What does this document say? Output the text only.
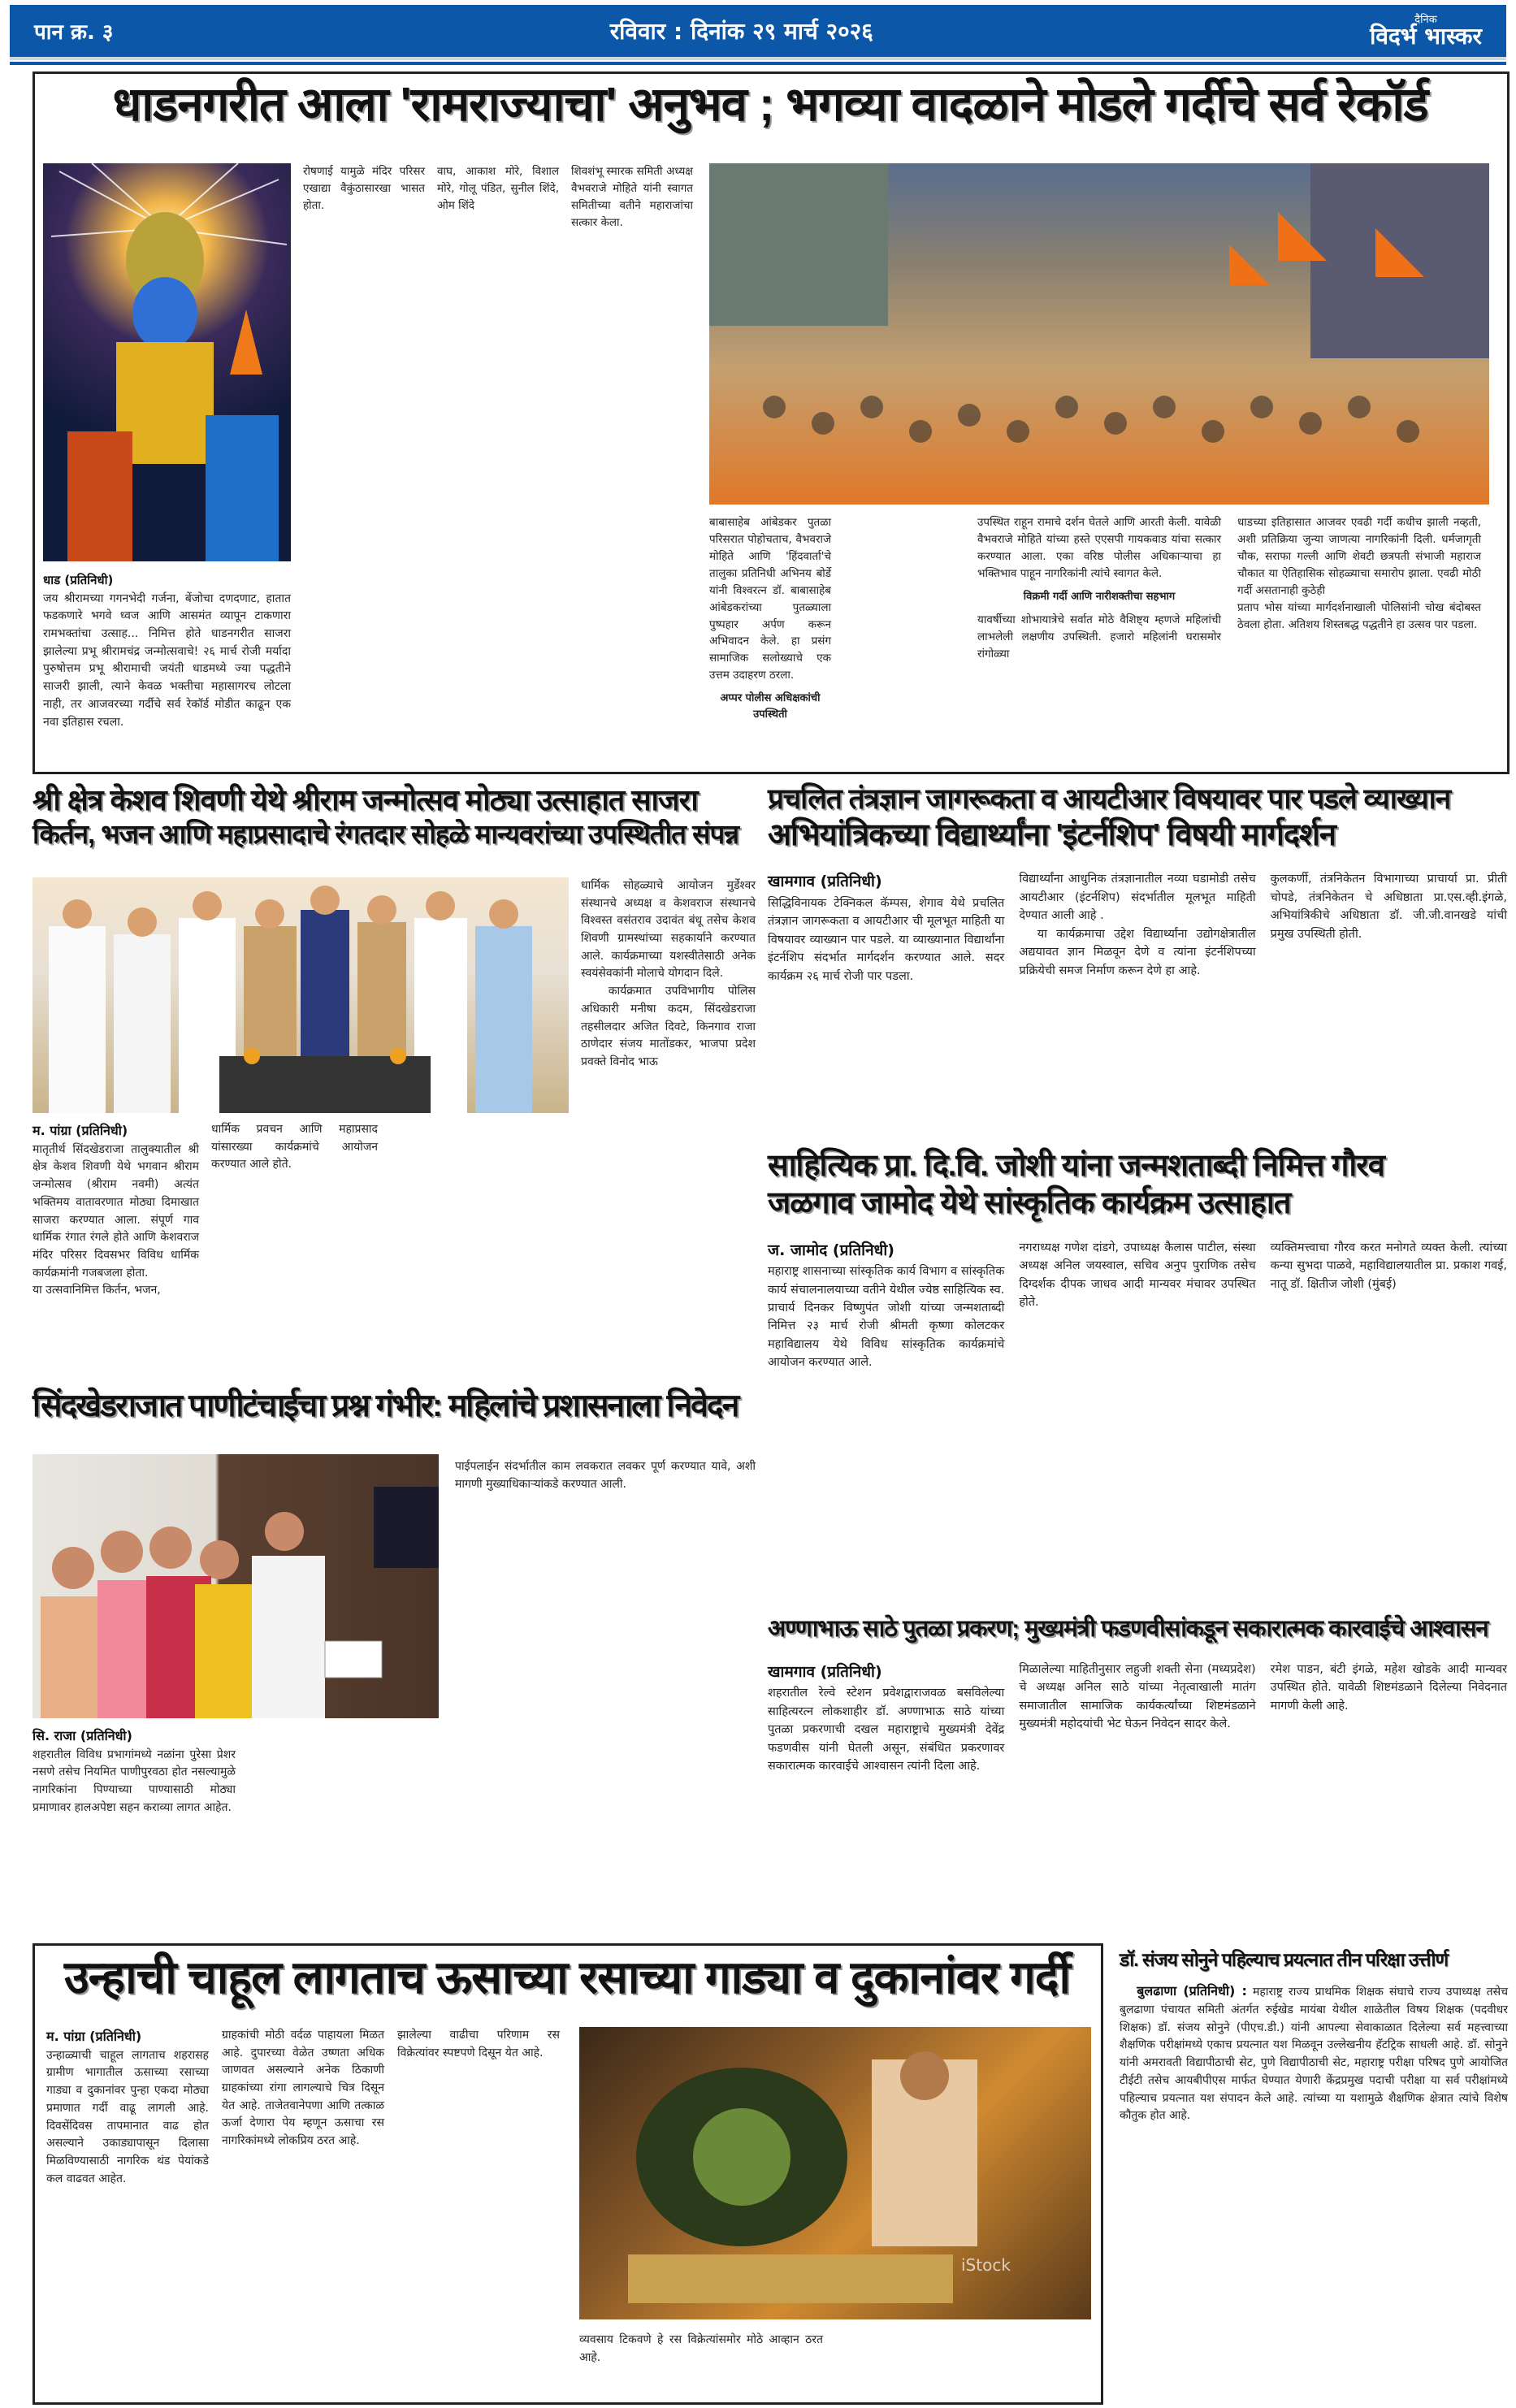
पान क्र. ३	रविवार : दिनांक २९ मार्च २०२६	दैनिक
विदर्भ भास्कर
धाडनगरीत आला 'रामराज्याचा' अनुभव ; भगव्या वादळाने मोडले गर्दीचे सर्व रेकॉर्ड
धाड (प्रतिनिधी)
जय श्रीरामच्या गगनभेदी गर्जना, बेंजोचा दणदणाट, हातात फडकणारे भगवे ध्वज आणि आसमंत व्यापून टाकणारा रामभक्तांचा उत्साह... निमित्त होते धाडनगरीत साजरा झालेल्या प्रभू श्रीरामचंद्र जन्मोत्सवाचे! २६ मार्च रोजी मर्यादा पुरुषोत्तम प्रभू श्रीरामाची जयंती धाडमध्ये ज्या पद्धतीने साजरी झाली, त्याने केवळ भक्तीचा महासागरच लोटला नाही, तर आजवरच्या गर्दीचे सर्व रेकॉर्ड मोडीत काढून एक नवा इतिहास रचला.
रोषणाई यामुळे मंदिर परिसर एखाद्या वैकुंठासारखा भासत होता.
वाघ, आकाश मोरे, विशाल मोरे, गोलू पंडित, सुनील शिंदे, ओम शिंदे
शिवशंभू स्मारक समिती अध्यक्ष वैभवराजे मोहिते यांनी स्वागत समितीच्या वतीने महाराजांचा सत्कार केला.
बाबासाहेब आंबेडकर पुतळा परिसरात पोहोचताच, वैभवराजे मोहिते आणि 'हिंदवार्ता'चे तालुका प्रतिनिधी अभिनय बोर्डे यांनी विश्वरत्न डॉ. बाबासाहेब आंबेडकरांच्या पुतळ्याला पुष्पहार अर्पण करून अभिवादन केले. हा प्रसंग सामाजिक सलोख्याचे एक उत्तम उदाहरण ठरला.
अप्पर पोलीस अधिक्षकांची उपस्थिती
उपस्थित राहून रामाचे दर्शन घेतले आणि आरती केली. यावेळी वैभवराजे मोहिते यांच्या हस्ते एएसपी गायकवाड यांचा सत्कार करण्यात आला. एका वरिष्ठ पोलीस अधिकाऱ्याचा हा भक्तिभाव पाहून नागरिकांनी त्यांचे स्वागत केले.
विक्रमी गर्दी आणि नारीशक्तीचा सहभाग
यावर्षीच्या शोभायात्रेचे सर्वात मोठे वैशिष्ट्य म्हणजे महिलांची लाभलेली लक्षणीय उपस्थिती. हजारो महिलांनी घरासमोर रांगोळ्या
धाडच्या इतिहासात आजवर एवढी गर्दी कधीच झाली नव्हती, अशी प्रतिक्रिया जुन्या जाणत्या नागरिकांनी दिली. धर्मजागृती चौक, सराफा गल्ली आणि शेवटी छत्रपती संभाजी महाराज चौकात या ऐतिहासिक सोहळ्याचा समारोप झाला. एवढी मोठी गर्दी असतानाही कुठेही
प्रताप भोस यांच्या मार्गदर्शनाखाली पोलिसांनी चोख बंदोबस्त ठेवला होता. अतिशय शिस्तबद्ध पद्धतीने हा उत्सव पार पडला.
श्री क्षेत्र केशव शिवणी येथे श्रीराम जन्मोत्सव मोठ्या उत्साहात साजरा
किर्तन, भजन आणि महाप्रसादाचे रंगतदार सोहळे मान्यवरांच्या उपस्थितीत संपन्न
धार्मिक सोहळ्याचे आयोजन मुर्डेश्वर संस्थानचे अध्यक्ष व केशवराज संस्थानचे विश्वस्त वसंतराव उदावंत बंधू तसेच केशव शिवणी ग्रामस्थांच्या सहकार्याने करण्यात आले. कार्यक्रमाच्या यशस्वीतेसाठी अनेक स्वयंसेवकांनी मोलाचे योगदान दिले.
कार्यक्रमात उपविभागीय पोलिस अधिकारी मनीषा कदम, सिंदखेडराजा तहसीलदार अजित दिवटे, किनगाव राजा ठाणेदार संजय मातोंडकर, भाजपा प्रदेश प्रवक्ते विनोद भाऊ
म. पांग्रा (प्रतिनिधी)
मातृतीर्थ सिंदखेडराजा तालुक्यातील श्री क्षेत्र केशव शिवणी येथे भगवान श्रीराम जन्मोत्सव (श्रीराम नवमी) अत्यंत भक्तिमय वातावरणात मोठ्या दिमाखात साजरा करण्यात आला. संपूर्ण गाव धार्मिक रंगात रंगले होते आणि केशवराज मंदिर परिसर दिवसभर विविध धार्मिक कार्यक्रमांनी गजबजला होता.
या उत्सवानिमित्त किर्तन, भजन,
धार्मिक प्रवचन आणि महाप्रसाद यांसारख्या कार्यक्रमांचे आयोजन करण्यात आले होते.
प्रचलित तंत्रज्ञान जागरूकता व आयटीआर विषयावर पार पडले व्याख्यान
अभियांत्रिकच्या विद्यार्थ्यांना 'इंटर्नशिप' विषयी मार्गदर्शन
खामगाव (प्रतिनिधी)
सिद्धिविनायक टेक्निकल कॅम्पस, शेगाव येथे प्रचलित तंत्रज्ञान जागरूकता व आयटीआर ची मूलभूत माहिती या विषयावर व्याख्यान पार पडले. या व्याख्यानात विद्यार्थांना इंटर्नशिप संदर्भात मार्गदर्शन करण्यात आले. सदर कार्यक्रम २६ मार्च रोजी पार पडला.
विद्यार्थ्यांना आधुनिक तंत्रज्ञानातील नव्या घडामोडी तसेच आयटीआर (इंटर्नशिप) संदर्भातील मूलभूत माहिती देण्यात आली आहे .
या कार्यक्रमाचा उद्देश विद्यार्थ्यांना उद्योगक्षेत्रातील अद्ययावत ज्ञान मिळवून देणे व त्यांना इंटर्नशिपच्या प्रक्रियेची समज निर्माण करून देणे हा आहे.
कुलकर्णी, तंत्रनिकेतन विभागाच्या प्राचार्या प्रा. प्रीती चोपडे, तंत्रनिकेतन चे अधिष्ठाता प्रा.एस.व्ही.इंगळे, अभियांत्रिकीचे अधिष्ठाता डॉ. जी.जी.वानखडे यांची प्रमुख उपस्थिती होती.
साहित्यिक प्रा. दि.वि. जोशी यांना जन्मशताब्दी निमित्त गौरव
जळगाव जामोद येथे सांस्कृतिक कार्यक्रम उत्साहात
ज. जामोद (प्रतिनिधी)
महाराष्ट्र शासनाच्या सांस्कृतिक कार्य विभाग व सांस्कृतिक कार्य संचालनालयाच्या वतीने येथील ज्येष्ठ साहित्यिक स्व. प्राचार्य दिनकर विष्णुपंत जोशी यांच्या जन्मशताब्दी निमित्त २३ मार्च रोजी श्रीमती कृष्णा कोलटकर महाविद्यालय येथे विविध सांस्कृतिक कार्यक्रमांचे आयोजन करण्यात आले.
नगराध्यक्ष गणेश दांडगे, उपाध्यक्ष कैलास पाटील, संस्था अध्यक्ष अनिल जयस्वाल, सचिव अनुप पुराणिक तसेच दिग्दर्शक दीपक जाधव आदी मान्यवर मंचावर उपस्थित होते.
व्यक्तिमत्त्वाचा गौरव करत मनोगते व्यक्त केली. त्यांच्या कन्या सुभदा पाळवे, महाविद्यालयातील प्रा. प्रकाश गवई, नातू डॉ. क्षितीज जोशी (मुंबई)
सिंदखेडराजात पाणीटंचाईचा प्रश्न गंभीर: महिलांचे प्रशासनाला निवेदन
पाईपलाईन संदर्भातील काम लवकरात लवकर पूर्ण करण्यात यावे, अशी मागणी मुख्याधिकाऱ्यांकडे करण्यात आली.
सि. राजा (प्रतिनिधी)
शहरातील विविध प्रभागांमध्ये नळांना पुरेसा प्रेशर नसणे तसेच नियमित पाणीपुरवठा होत नसल्यामुळे नागरिकांना पिण्याच्या पाण्यासाठी मोठ्या प्रमाणावर हालअपेष्टा सहन कराव्या लागत आहेत.
अण्णाभाऊ साठे पुतळा प्रकरण; मुख्यमंत्री फडणवीसांकडून सकारात्मक कारवाईचे आश्वासन
खामगाव (प्रतिनिधी)
शहरातील रेल्वे स्टेशन प्रवेशद्वाराजवळ बसविलेल्या साहित्यरत्न लोकशाहीर डॉ. अण्णाभाऊ साठे यांच्या पुतळा प्रकरणाची दखल महाराष्ट्राचे मुख्यमंत्री देवेंद्र फडणवीस यांनी घेतली असून, संबंधित प्रकरणावर सकारात्मक कारवाईचे आश्वासन त्यांनी दिला आहे.
मिळालेल्या माहितीनुसार लहुजी शक्ती सेना (मध्यप्रदेश) चे अध्यक्ष अनिल साठे यांच्या नेतृत्वाखाली मातंग समाजातील सामाजिक कार्यकर्त्यांच्या शिष्टमंडळाने मुख्यमंत्री महोदयांची भेट घेऊन निवेदन सादर केले.
रमेश पाडन, बंटी इंगळे, महेश खोडके आदी मान्यवर उपस्थित होते. यावेळी शिष्टमंडळाने दिलेल्या निवेदनात मागणी केली आहे.
उन्हाची चाहूल लागताच ऊसाच्या रसाच्या गाड्या व दुकानांवर गर्दी
म. पांग्रा (प्रतिनिधी)
उन्हाळ्याची चाहूल लागताच शहरासह ग्रामीण भागातील ऊसाच्या रसाच्या गाड्या व दुकानांवर पुन्हा एकदा मोठ्या प्रमाणात गर्दी वाढू लागली आहे. दिवसेंदिवस तापमानात वाढ होत असल्याने उकाड्यापासून दिलासा मिळविण्यासाठी नागरिक थंड पेयांकडे कल वाढवत आहेत.
ग्राहकांची मोठी वर्दळ पाहायला मिळत आहे. दुपारच्या वेळेत उष्णता अधिक जाणवत असल्याने अनेक ठिकाणी ग्राहकांच्या रांगा लागल्याचे चित्र दिसून येत आहे. ताजेतवानेपणा आणि तत्काळ ऊर्जा देणारा पेय म्हणून ऊसाचा रस नागरिकांमध्ये लोकप्रिय ठरत आहे.
झालेल्या वाढीचा परिणाम रस विक्रेत्यांवर स्पष्टपणे दिसून येत आहे.
iStock
व्यवसाय टिकवणे हे रस विक्रेत्यांसमोर मोठे आव्हान ठरत आहे.
डॉ. संजय सोनुने पहिल्याच प्रयत्नात तीन परिक्षा उत्तीर्ण
बुलढाणा (प्रतिनिधी) : महाराष्ट्र राज्य प्राथमिक शिक्षक संघाचे राज्य उपाध्यक्ष तसेच बुलढाणा पंचायत समिती अंतर्गत रुईखेड मायंबा येथील शाळेतील विषय शिक्षक (पदवीधर शिक्षक) डॉ. संजय सोनुने (पीएच.डी.) यांनी आपल्या सेवाकाळात दिलेल्या सर्व महत्त्वाच्या शैक्षणिक परीक्षांमध्ये एकाच प्रयत्नात यश मिळवून उल्लेखनीय हॅटट्रिक साधली आहे. डॉ. सोनुने यांनी अमरावती विद्यापीठाची सेट, पुणे विद्यापीठाची सेट, महाराष्ट्र परीक्षा परिषद पुणे आयोजित टीईटी तसेच आयबीपीएस मार्फत घेण्यात येणारी केंद्रप्रमुख पदाची परीक्षा या सर्व परीक्षांमध्ये पहिल्याच प्रयत्नात यश संपादन केले आहे. त्यांच्या या यशामुळे शैक्षणिक क्षेत्रात त्यांचे विशेष कौतुक होत आहे.
